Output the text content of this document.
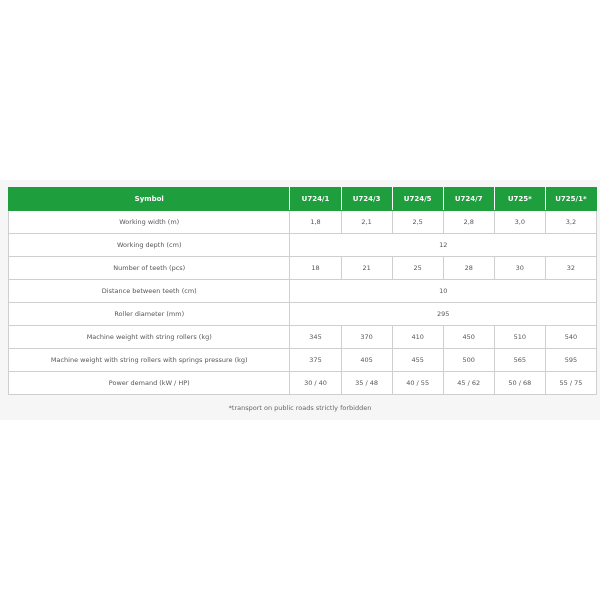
Symbol	U724/1	U724/3	U724/5	U724/7	U725*	U725/1*
Working width (m)	1,8	2,1	2,5	2,8	3,0	3,2
Working depth (cm)	12					
Number of teeth (pcs)	18	21	25	28	30	32
Distance between teeth (cm)	10					
Roller diameter (mm)	295					
Machine weight with string rollers (kg)	345	370	410	450	510	540
Machine weight with string rollers with springs pressure (kg)	375	405	455	500	565	595
Power demand (kW / HP)	30 / 40	35 / 48	40 / 55	45 / 62	50 / 68	55 / 75
*transport on public roads strictly forbidden
